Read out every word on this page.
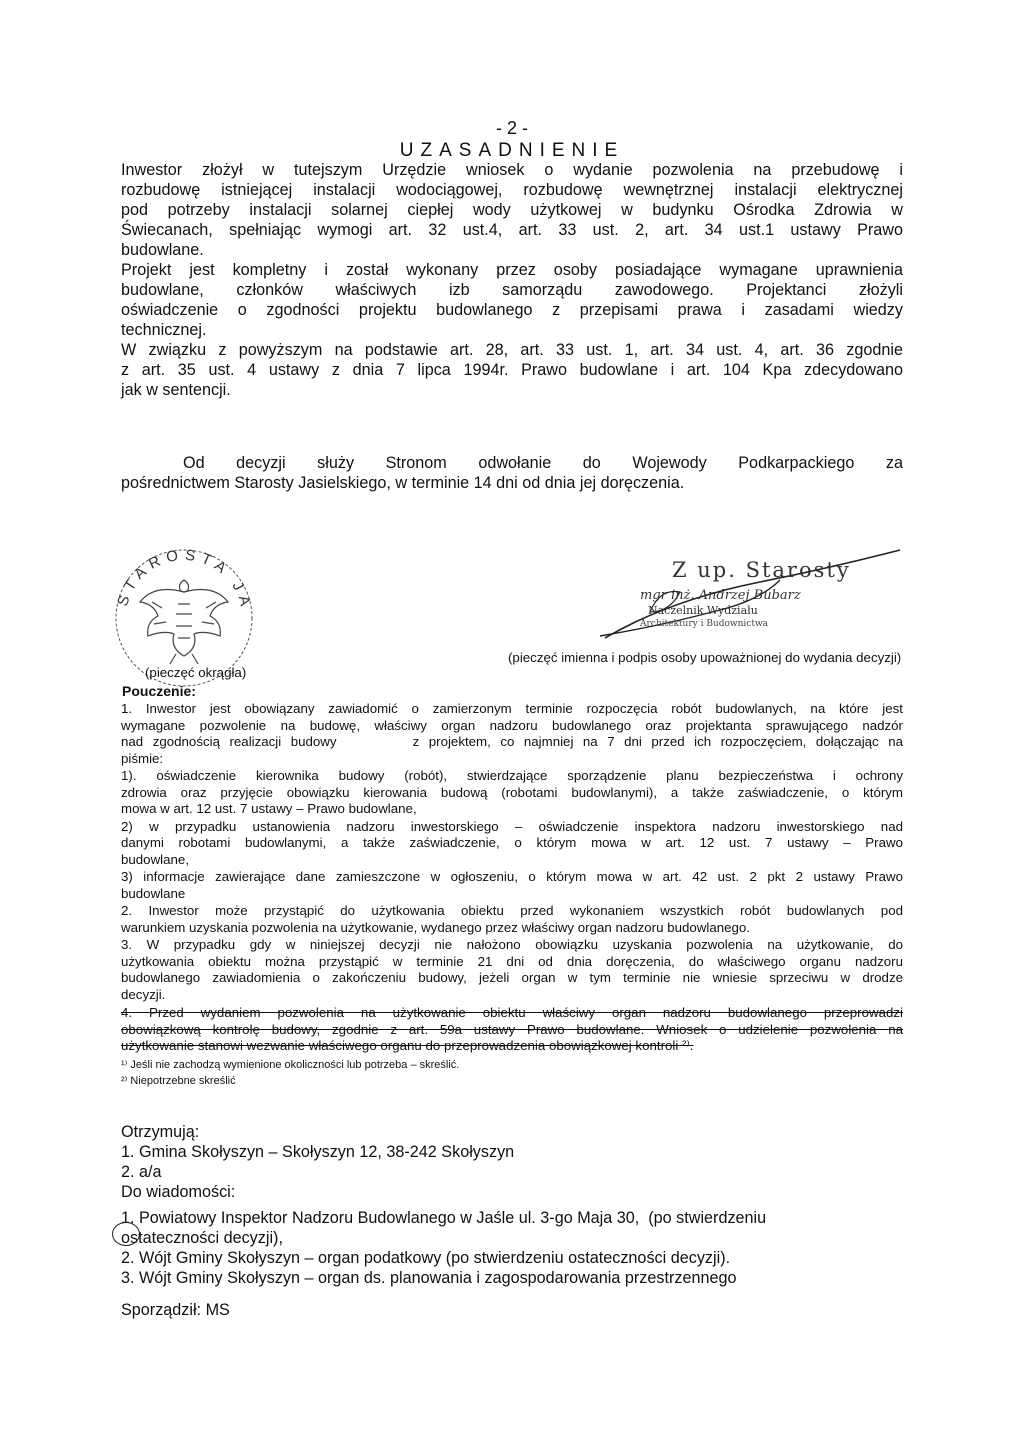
- 2 -
UZASADNIENIE
Inwestor złożył w tutejszym Urzędzie wniosek o wydanie pozwolenia na przebudowę i
rozbudowę istniejącej instalacji wodociągowej, rozbudowę wewnętrznej instalacji elektrycznej
pod potrzeby instalacji solarnej ciepłej wody użytkowej w budynku Ośrodka Zdrowia w
Świecanach, spełniając wymogi art. 32 ust.4, art. 33 ust. 2, art. 34 ust.1 ustawy Prawo
budowlane.
Projekt jest kompletny i został wykonany przez osoby posiadające wymagane uprawnienia
budowlane, członków właściwych izb samorządu zawodowego. Projektanci złożyli
oświadczenie o zgodności projektu budowlanego z przepisami prawa i zasadami wiedzy
technicznej.
W związku z powyższym na podstawie art. 28, art. 33 ust. 1, art. 34 ust. 4, art. 36 zgodnie
z art. 35 ust. 4 ustawy z dnia 7 lipca 1994r. Prawo budowlane i art. 104 Kpa zdecydowano
jak w sentencji.
Od decyzji służy Stronom odwołanie do Wojewody Podkarpackiego za
pośrednictwem Starosty Jasielskiego, w terminie 14 dni od dnia jej doręczenia.
STAROSTA JA
(pieczęć okrągła)
Z up. Starosty
mgr inż. Andrzej Bubarz
Naczelnik Wydziału
Architektury i Budownictwa
(pieczęć imienna i podpis osoby upoważnionej do wydania decyzji)
Pouczenie:
1. Inwestor jest obowiązany zawiadomić o zamierzonym terminie rozpoczęcia robót budowlanych, na które jest
wymagane pozwolenie na budowę, właściwy organ nadzoru budowlanego oraz projektanta sprawującego nadzór
nad zgodnością realizacji budowy        z projektem, co najmniej na 7 dni przed ich rozpoczęciem, dołączając na
piśmie:
1). oświadczenie kierownika budowy (robót), stwierdzające sporządzenie planu bezpieczeństwa i ochrony
zdrowia oraz przyjęcie obowiązku kierowania budową (robotami budowlanymi), a także zaświadczenie, o którym
mowa w art. 12 ust. 7 ustawy – Prawo budowlane,
2) w przypadku ustanowienia nadzoru inwestorskiego – oświadczenie inspektora nadzoru inwestorskiego nad
danymi robotami budowlanymi, a także zaświadczenie, o którym mowa w art. 12 ust. 7 ustawy – Prawo
budowlane,
3) informacje zawierające dane zamieszczone w ogłoszeniu, o którym mowa w art. 42 ust. 2 pkt 2 ustawy Prawo
budowlane
2. Inwestor może przystąpić do użytkowania obiektu przed wykonaniem wszystkich robót budowlanych pod
warunkiem uzyskania pozwolenia na użytkowanie, wydanego przez właściwy organ nadzoru budowlanego.
3. W przypadku gdy w niniejszej decyzji nie nałożono obowiązku uzyskania pozwolenia na użytkowanie, do
użytkowania obiektu można przystąpić w terminie 21 dni od dnia doręczenia, do właściwego organu nadzoru
budowlanego zawiadomienia o zakończeniu budowy, jeżeli organ w tym terminie nie wniesie sprzeciwu w drodze
decyzji.
4. Przed wydaniem pozwolenia na użytkowanie obiektu właściwy organ nadzoru budowlanego przeprowadzi
obowiązkową kontrolę budowy, zgodnie z art. 59a ustawy Prawo budowlane. Wniosek o udzielenie pozwolenia na
użytkowanie stanowi wezwanie właściwego organu do przeprowadzenia obowiązkowej kontroli ²⁾.
¹⁾ Jeśli nie zachodzą wymienione okoliczności lub potrzeba – skreślić.
²⁾ Niepotrzebne skreślić
Otrzymują:
1. Gmina Skołyszyn – Skołyszyn 12, 38-242 Skołyszyn
2. a/a
Do wiadomości:
1. Powiatowy Inspektor Nadzoru Budowlanego w Jaśle ul. 3-go Maja 30,  (po stwierdzeniu
ostateczności decyzji),
2. Wójt Gminy Skołyszyn – organ podatkowy (po stwierdzeniu ostateczności decyzji).
3. Wójt Gminy Skołyszyn – organ ds. planowania i zagospodarowania przestrzennego
Sporządził: MS
